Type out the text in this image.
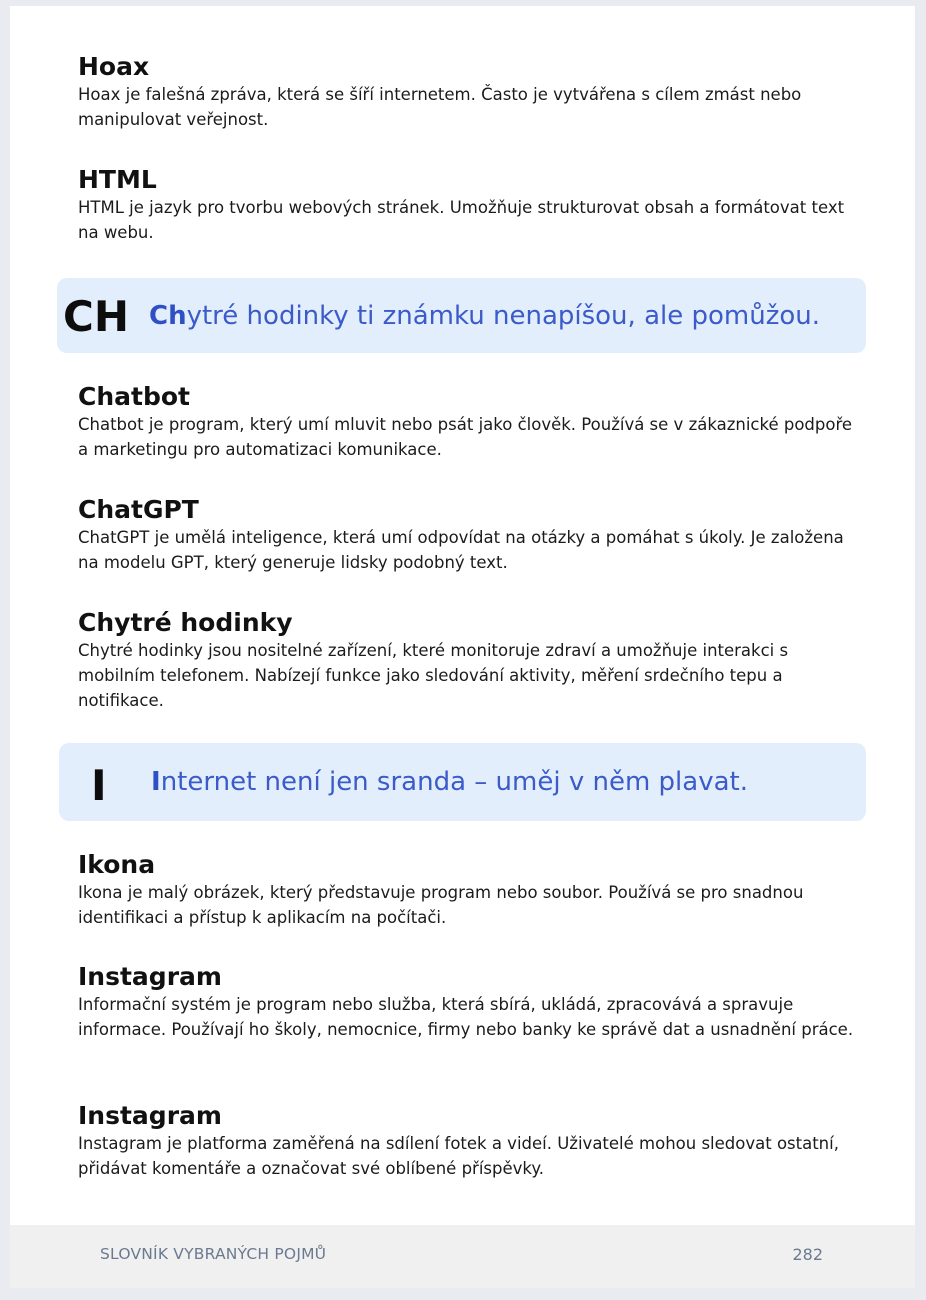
Hoax

Hoax je falešná zpráva, která se šíří internetem. Často je vytvářena s cílem zmást nebo manipulovat veřejnost.

HTML

HTML je jazyk pro tvorbu webových stránek. Umožňuje strukturovat obsah a formátovat text na webu.

CH Chytré hodinky ti známku nenapíšou, ale pomůžou.
Chatbot

Chatbot je program, který umí mluvit nebo psát jako člověk. Používá se v zákaznické podpoře a marketingu pro automatizaci komunikace.

ChatGPT

ChatGPT je umělá inteligence, která umí odpovídat na otázky a pomáhat s úkoly. Je založena na modelu GPT, který generuje lidsky podobný text.

Chytré hodinky

Chytré hodinky jsou nositelné zařízení, které monitoruje zdraví a umožňuje interakci s mobilním telefonem. Nabízejí funkce jako sledování aktivity, měření srdečního tepu a notifikace.

I Internet není jen sranda – uměj v něm plavat.
Ikona

Ikona je malý obrázek, který představuje program nebo soubor. Používá se pro snadnou identifikaci a přístup k aplikacím na počítači.

Instagram

Informační systém je program nebo služba, která sbírá, ukládá, zpracovává a spravuje informace. Používají ho školy, nemocnice, firmy nebo banky ke správě dat a usnadnění práce.

Instagram

Instagram je platforma zaměřená na sdílení fotek a videí. Uživatelé mohou sledovat ostatní, přidávat komentáře a označovat své oblíbené příspěvky.

SLOVNÍK VYBRANÝCH POJMŮ	282
